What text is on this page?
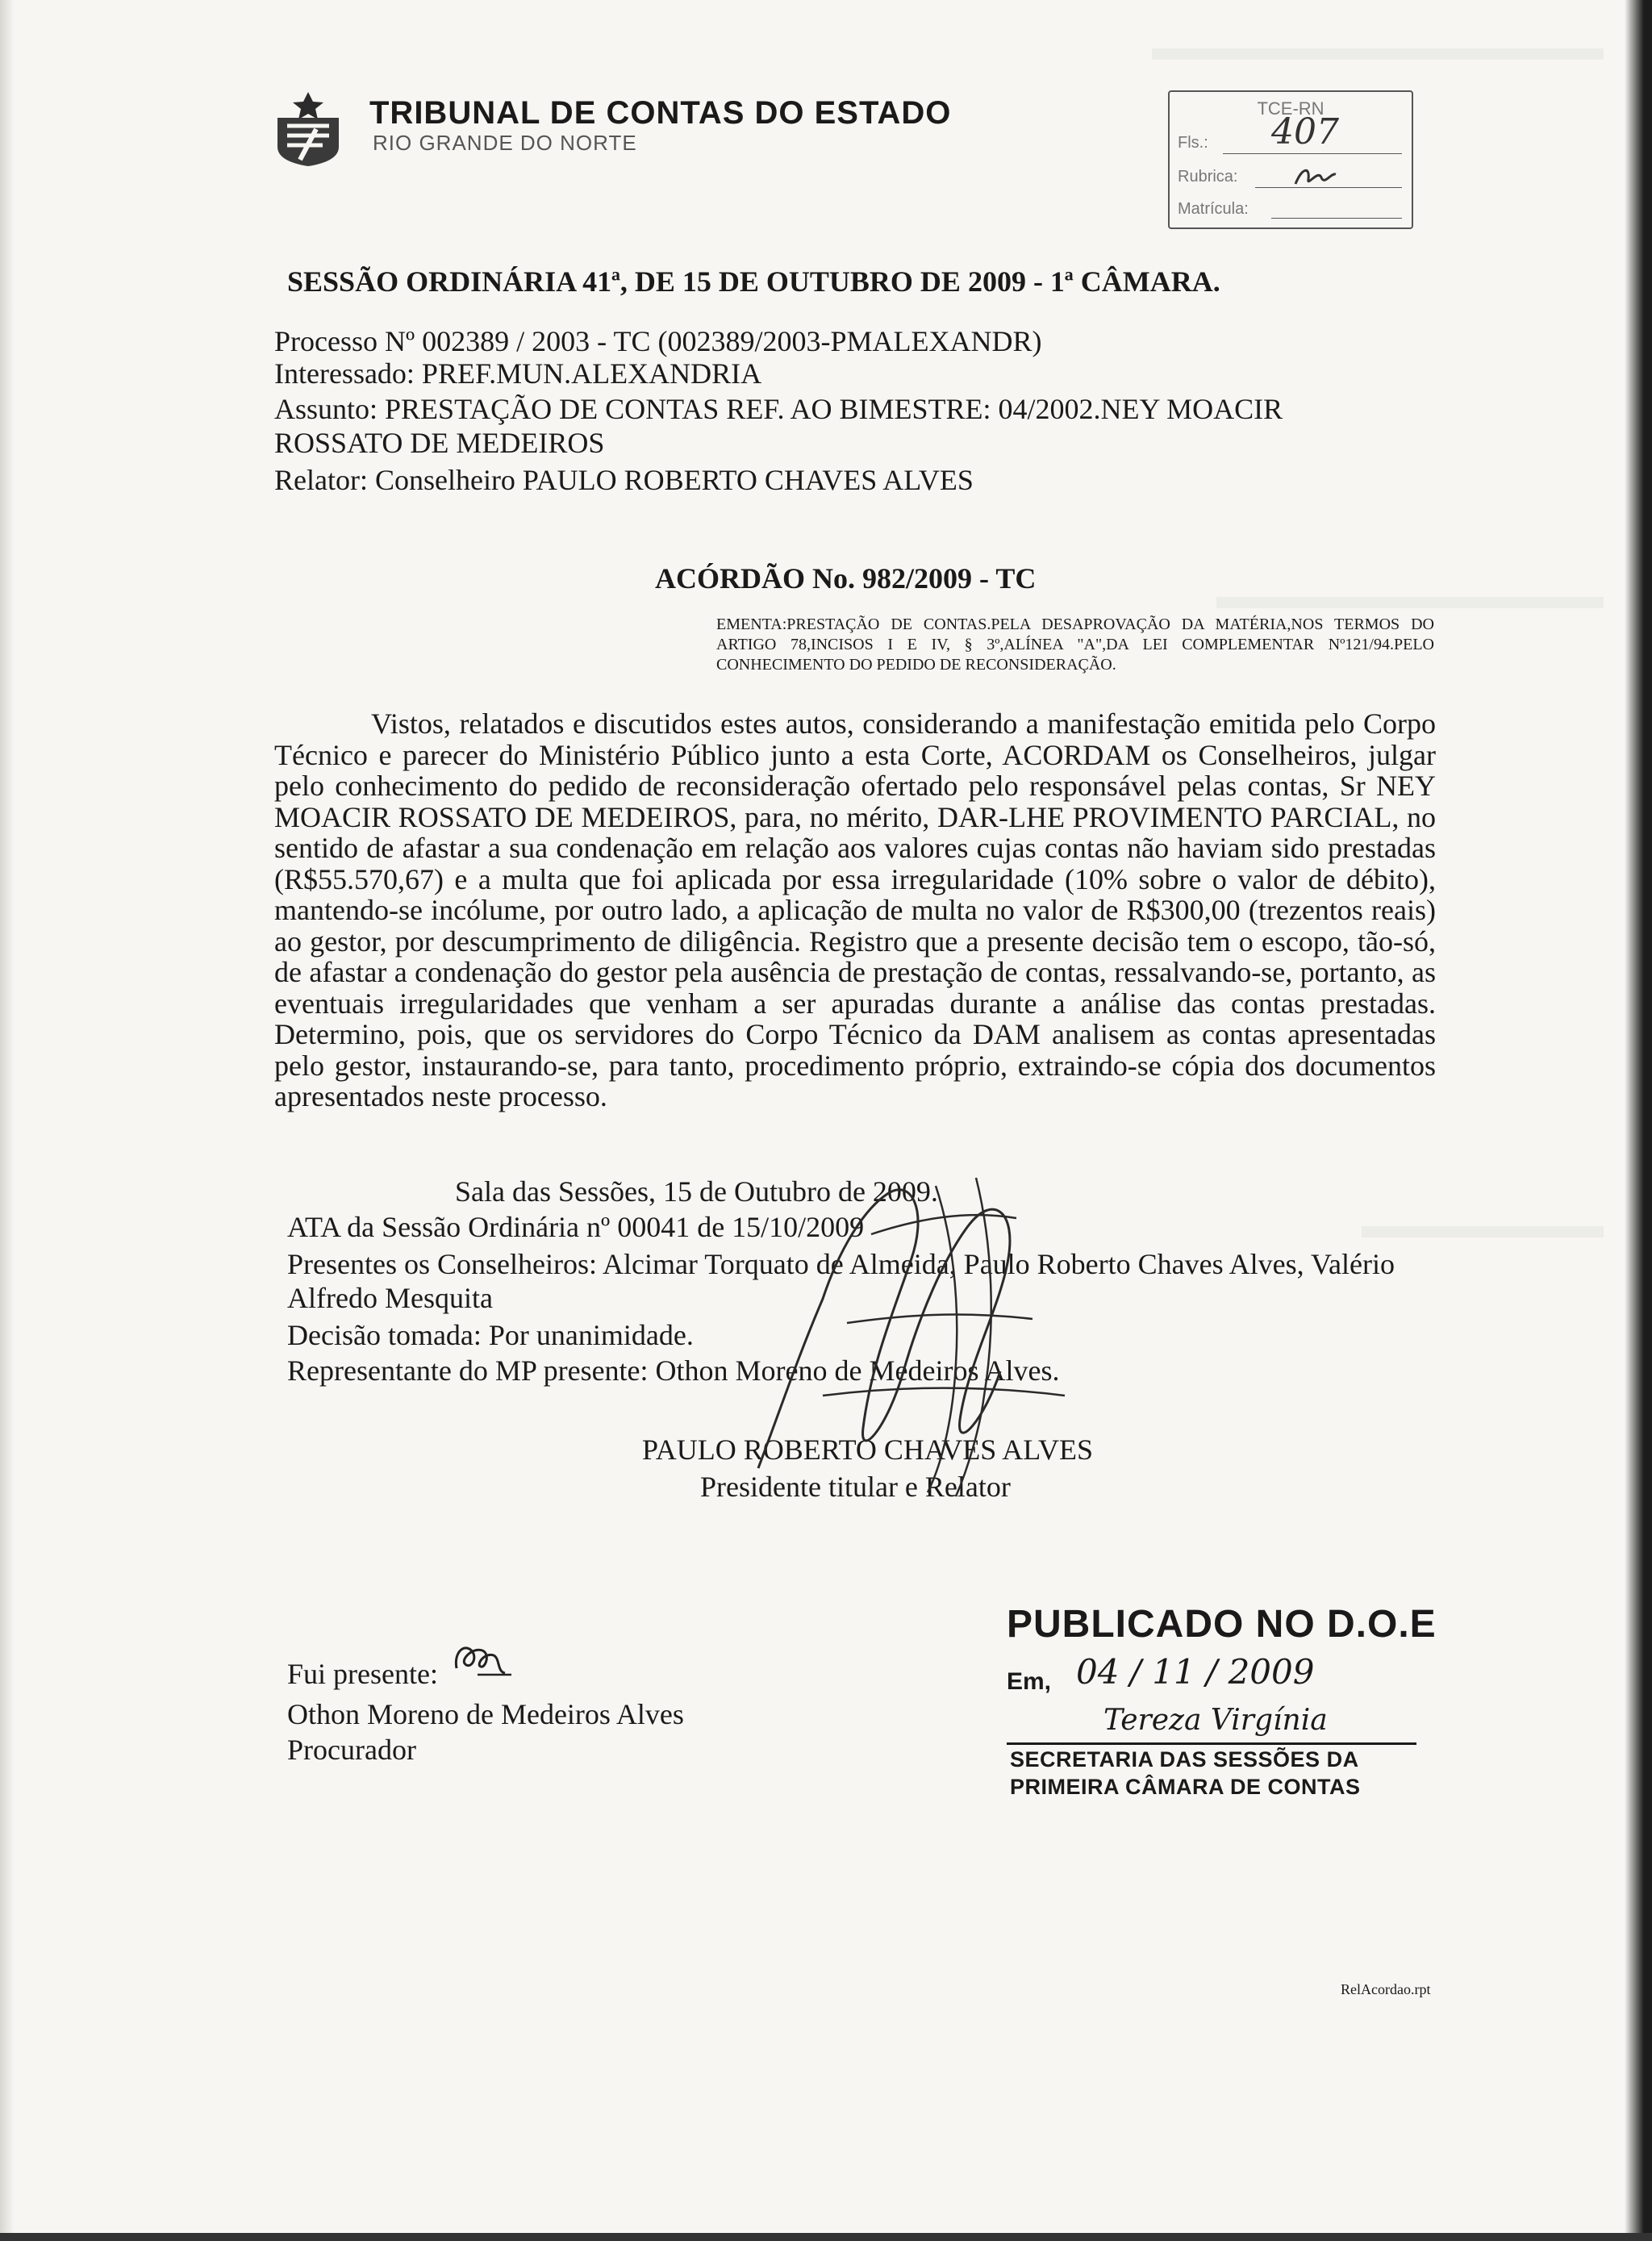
TRIBUNAL DE CONTAS DO ESTADO
RIO GRANDE DO NORTE
TCE-RN
Fls.: 407
Rubrica:
Matrícula:
SESSÃO ORDINÁRIA 41ª, DE 15 DE OUTUBRO DE 2009 - 1ª CÂMARA.
Processo Nº 002389 / 2003 - TC (002389/2003-PMALEXANDR)
Interessado: PREF.MUN.ALEXANDRIA
Assunto: PRESTAÇÃO DE CONTAS REF. AO BIMESTRE: 04/2002.NEY MOACIR
ROSSATO DE MEDEIROS
Relator: Conselheiro PAULO ROBERTO CHAVES ALVES
ACÓRDÃO No. 982/2009 - TC
EMENTA:PRESTAÇÃO DE CONTAS.PELA DESAPROVAÇÃO DA MATÉRIA,NOS TERMOS DO ARTIGO 78,INCISOS I E IV, § 3º,ALÍNEA "A",DA LEI COMPLEMENTAR Nº121/94.PELO CONHECIMENTO DO PEDIDO DE RECONSIDERAÇÃO.

Vistos, relatados e discutidos estes autos, considerando a manifestação emitida pelo Corpo Técnico e parecer do Ministério Público junto a esta Corte, ACORDAM os Conselheiros, julgar pelo conhecimento do pedido de reconsideração ofertado pelo responsável pelas contas, Sr NEY MOACIR ROSSATO DE MEDEIROS, para, no mérito, DAR-LHE PROVIMENTO PARCIAL, no sentido de afastar a sua condenação em relação aos valores cujas contas não haviam sido prestadas (R$55.570,67) e a multa que foi aplicada por essa irregularidade (10% sobre o valor de débito), mantendo-se incólume, por outro lado, a aplicação de multa no valor de R$300,00 (trezentos reais) ao gestor, por descumprimento de diligência. Registro que a presente decisão tem o escopo, tão-só, de afastar a condenação do gestor pela ausência de prestação de contas, ressalvando-se, portanto, as eventuais irregularidades que venham a ser apuradas durante a análise das contas prestadas. Determino, pois, que os servidores do Corpo Técnico da DAM analisem as contas apresentadas pelo gestor, instaurando-se, para tanto, procedimento próprio, extraindo-se cópia dos documentos apresentados neste processo.

Sala das Sessões, 15 de Outubro de 2009.
ATA da Sessão Ordinária nº 00041 de 15/10/2009
Presentes os Conselheiros: Alcimar Torquato de Almeida, Paulo Roberto Chaves Alves, Valério
Alfredo Mesquita
Decisão tomada: Por unanimidade.
Representante do MP presente: Othon Moreno de Medeiros Alves.
PAULO ROBERTO CHAVES ALVES
Presidente titular e Relator
Fui presente:
Othon Moreno de Medeiros Alves
Procurador
PUBLICADO NO D.O.E
Em, 04 / 11 / 2009
Tereza Virgínia
SECRETARIA DAS SESSÕES DA
PRIMEIRA CÂMARA DE CONTAS
RelAcordao.rpt
